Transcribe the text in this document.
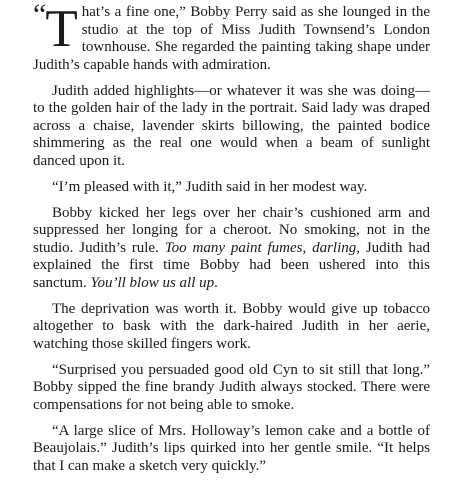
“ T hat’s a fine one,” Bobby Perry said as she lounged in the studio at the top of Miss Judith Townsend’s London townhouse. She regarded the painting taking shape under Judith’s capable hands with admiration.

Judith added highlights—or whatever it was she was doing—to the golden hair of the lady in the portrait. Said lady was draped across a chaise, lavender skirts billowing, the painted bodice shimmering as the real one would when a beam of sunlight danced upon it.

“I’m pleased with it,” Judith said in her modest way.

Bobby kicked her legs over her chair’s cushioned arm and suppressed her longing for a cheroot. No smoking, not in the studio. Judith’s rule. Too many paint fumes, darling, Judith had explained the first time Bobby had been ushered into this sanctum. You’ll blow us all up.

The deprivation was worth it. Bobby would give up tobacco altogether to bask with the dark-haired Judith in her aerie, watching those skilled fingers work.

“Surprised you persuaded good old Cyn to sit still that long.” Bobby sipped the fine brandy Judith always stocked. There were compensations for not being able to smoke.

“A large slice of Mrs. Holloway’s lemon cake and a bottle of Beaujolais.” Judith’s lips quirked into her gentle smile. “It helps that I can make a sketch very quickly.”
